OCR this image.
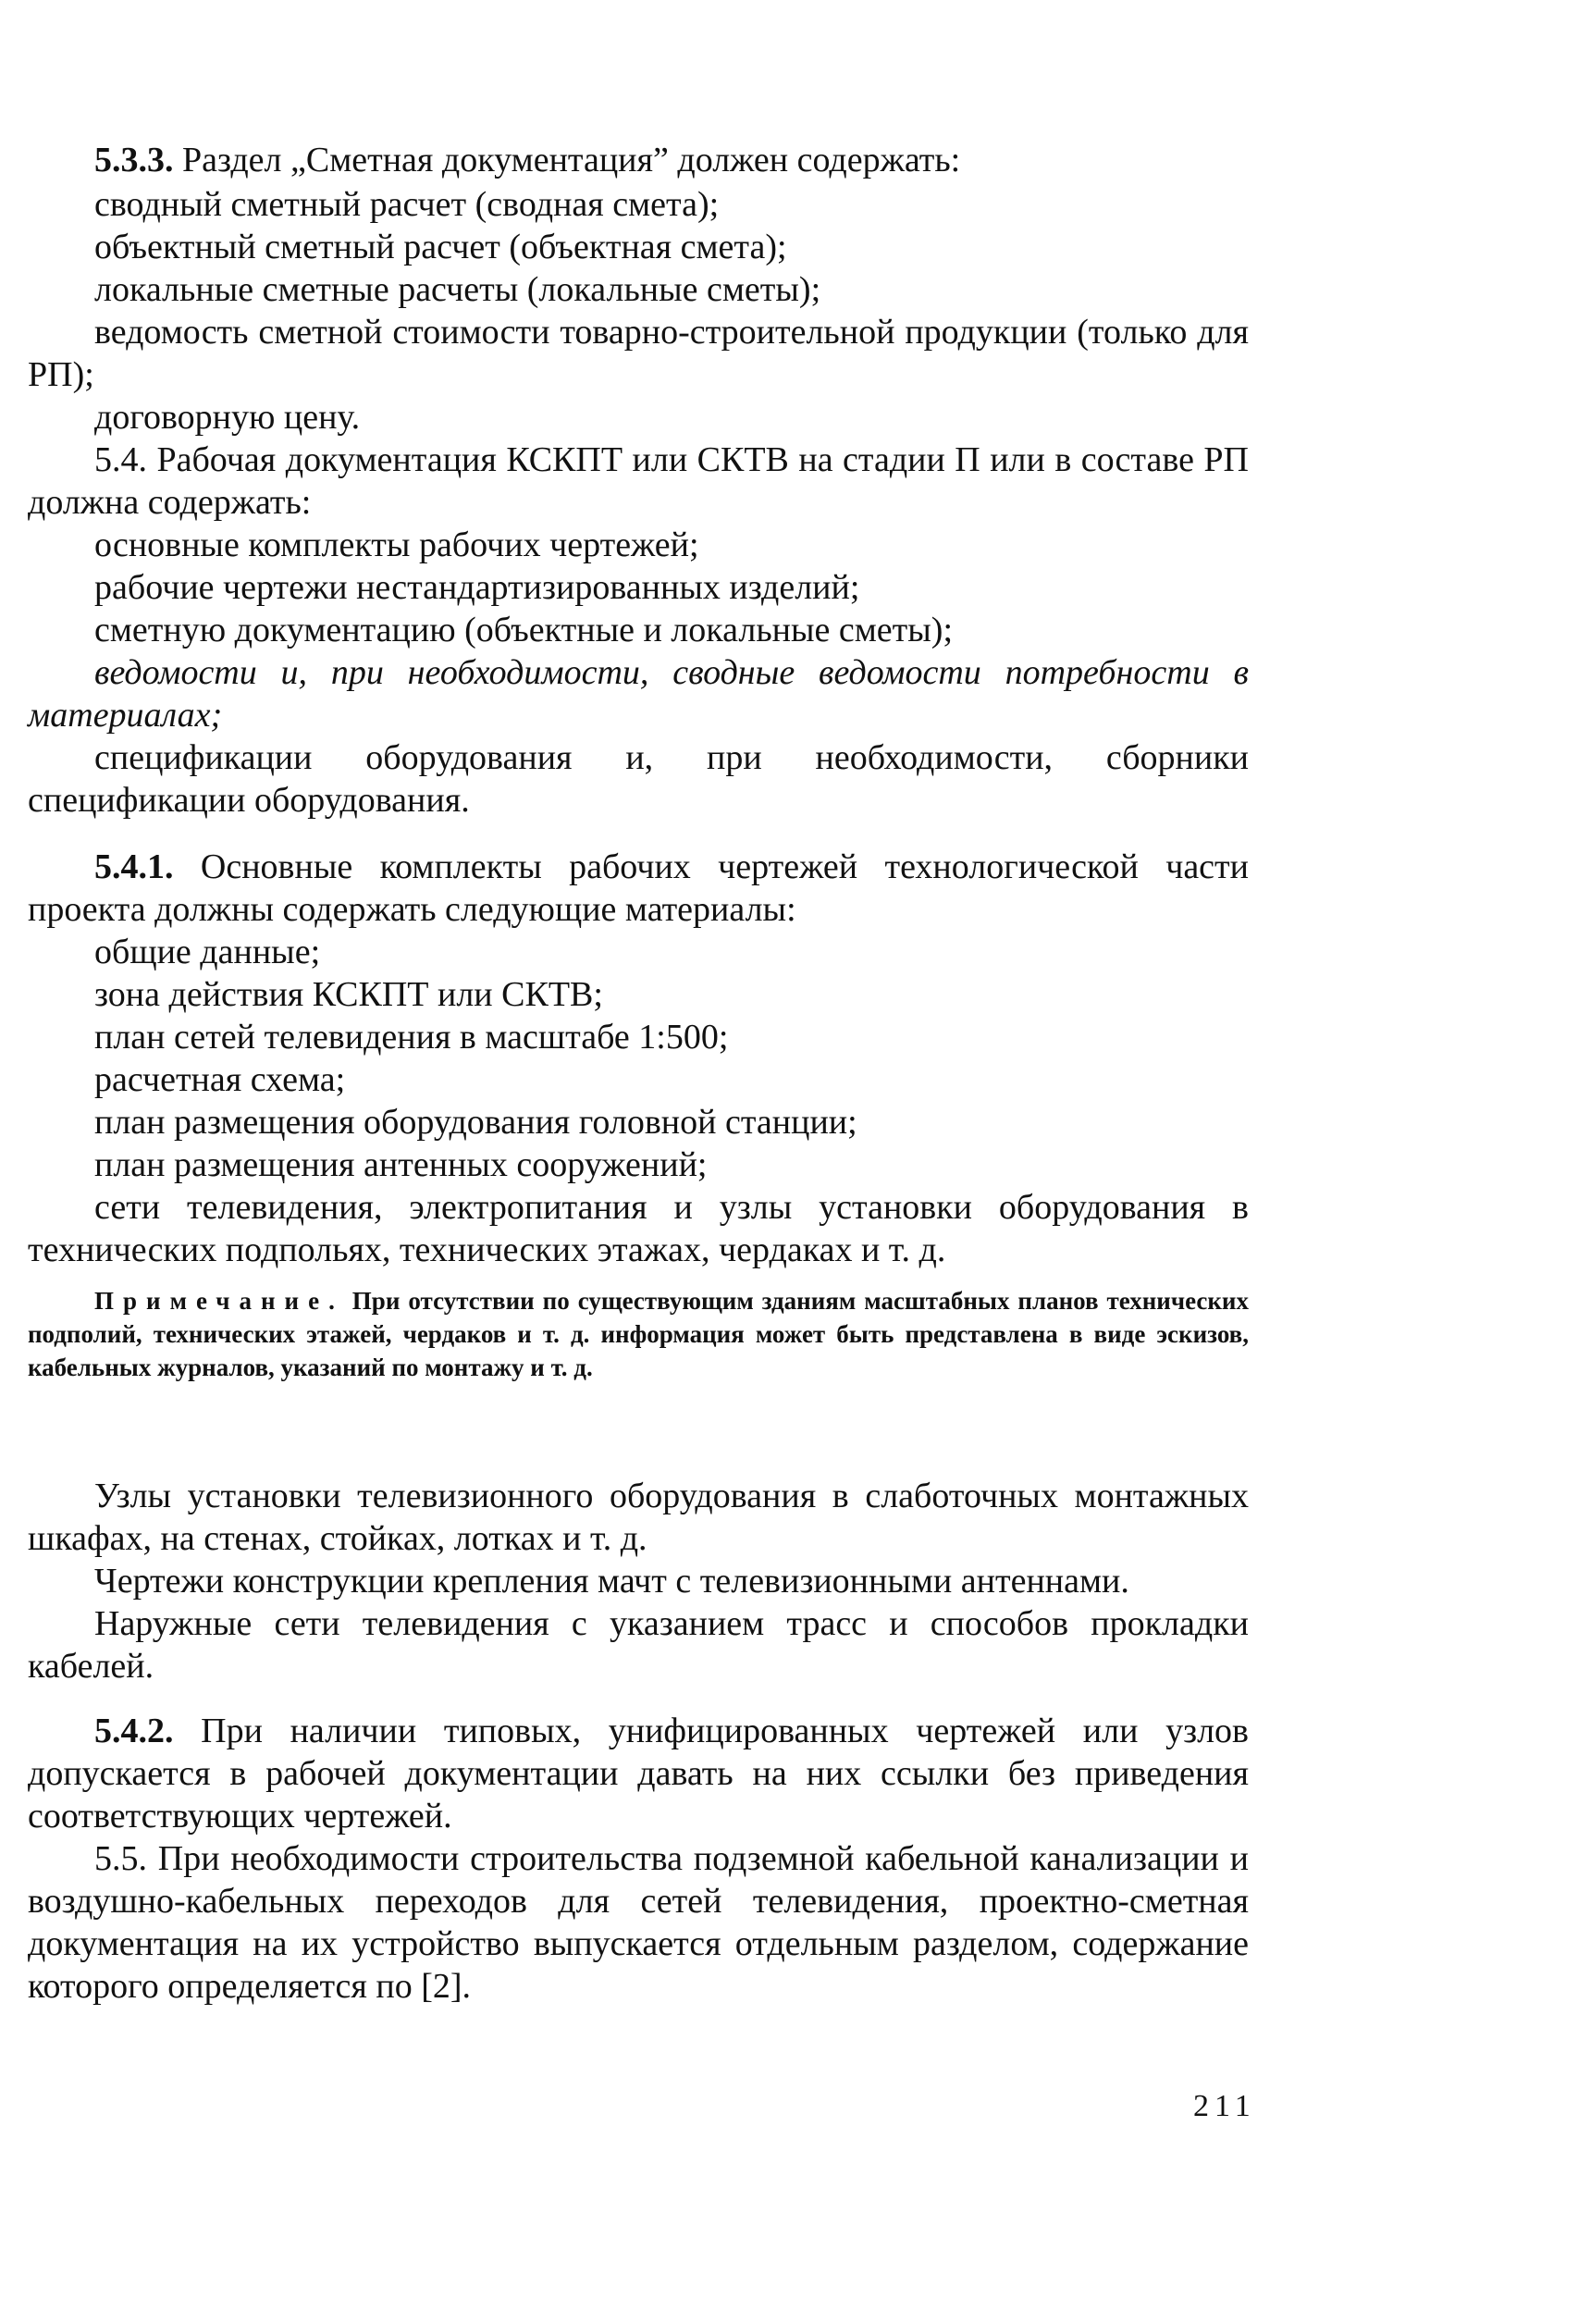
5.3.3. Раздел „Сметная документация” должен содержать:

сводный сметный расчет (сводная смета);

объектный сметный расчет (объектная смета);

локальные сметные расчеты (локальные сметы);

ведомость сметной стоимости товарно-строительной продукции (только для РП);

договорную цену.

5.4. Рабочая документация КСКПТ или СКТВ на стадии П или в составе РП должна содержать:

основные комплекты рабочих чертежей;

рабочие чертежи нестандартизированных изделий;

сметную документацию (объектные и локальные сметы);

ведомости и, при необходимости, сводные ведомости потребности в материалах;

спецификации оборудования и, при необходимости, сборники спецификации оборудования.

5.4.1. Основные комплекты рабочих чертежей технологической части проекта должны содержать следующие материалы:

общие данные;

зона действия КСКПТ или СКТВ;

план сетей телевидения в масштабе 1:500;

расчетная схема;

план размещения оборудования головной станции;

план размещения антенных сооружений;

сети телевидения, электропитания и узлы установки оборудования в технических подпольях, технических этажах, чердаках и т. д.

Примечание. При отсутствии по существующим зданиям масштабных планов технических подполий, технических этажей, чердаков и т. д. информация может быть представлена в виде эскизов, кабельных журналов, указаний по монтажу и т. д.

Узлы установки телевизионного оборудования в слаботочных монтажных шкафах, на стенах, стойках, лотках и т. д.

Чертежи конструкции крепления мачт с телевизионными антеннами.

Наружные сети телевидения с указанием трасс и способов прокладки кабелей.

5.4.2. При наличии типовых, унифицированных чертежей или узлов допускается в рабочей документации давать на них ссылки без приведения соответствующих чертежей.

5.5. При необходимости строительства подземной кабельной канализации и воздушно-кабельных переходов для сетей телевидения, проектно-сметная документация на их устройство выпускается отдельным разделом, содержание которого определяется по [2].

211
